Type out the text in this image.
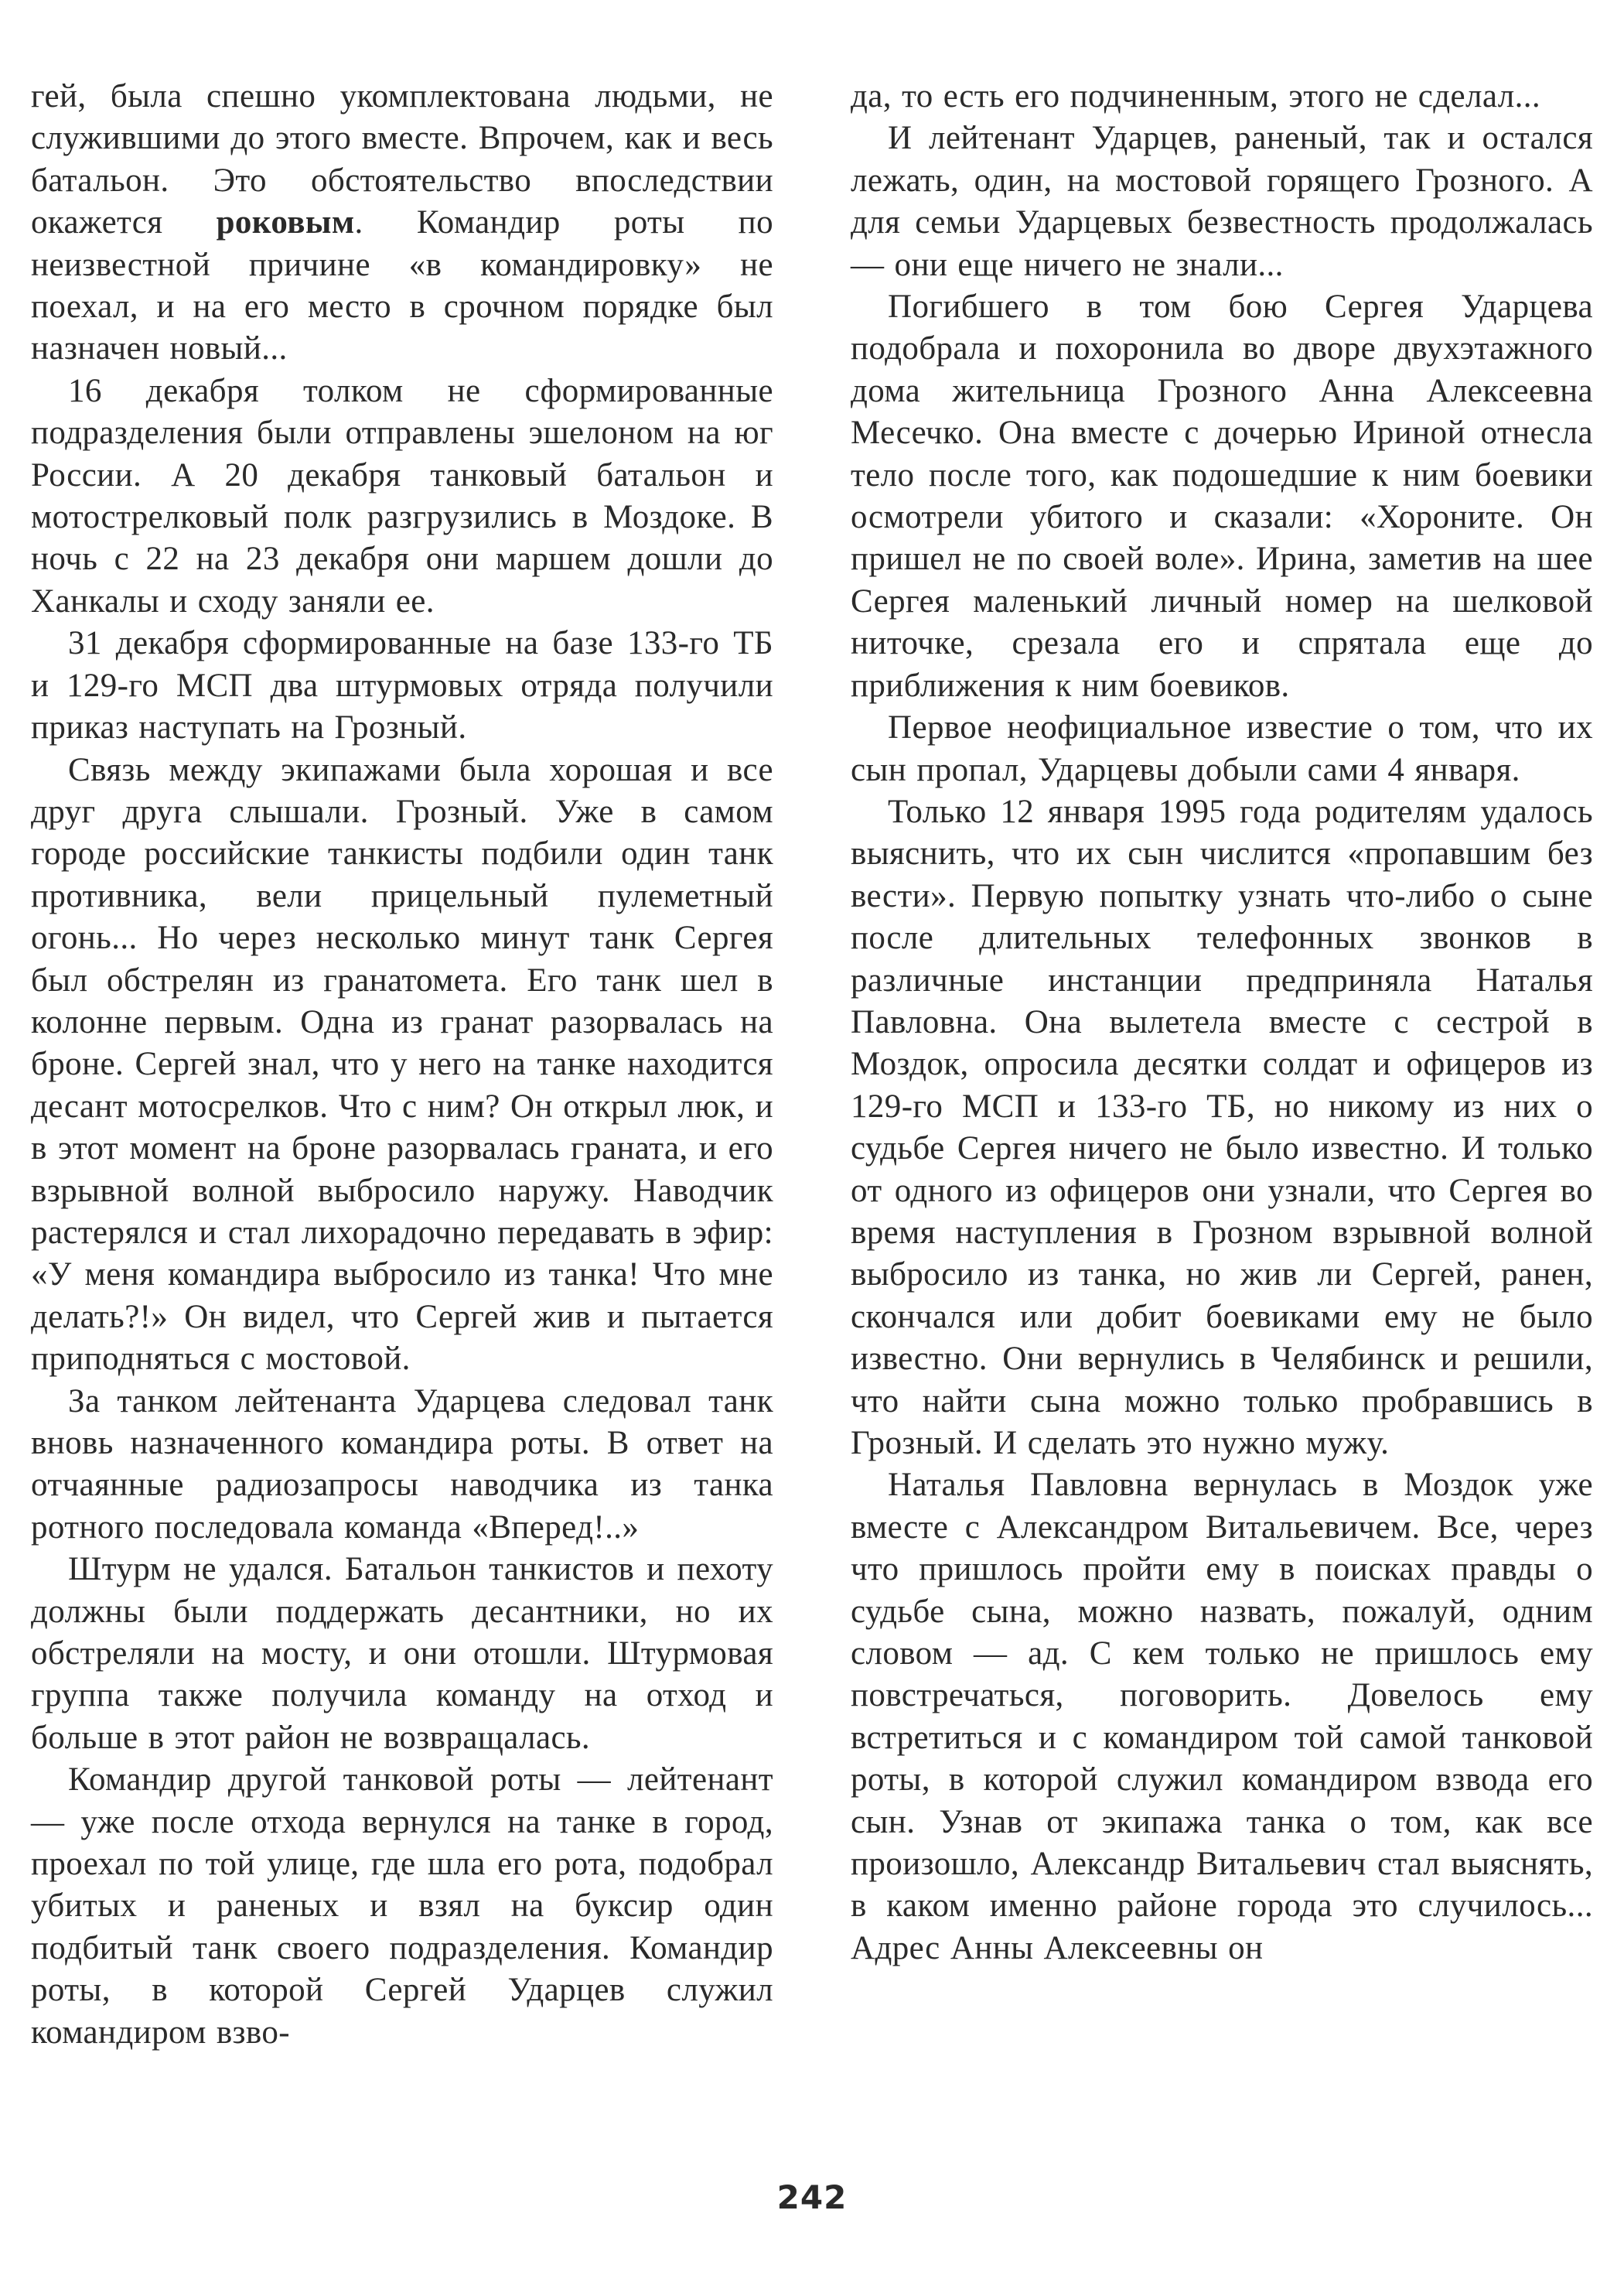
гей, была спешно укомплектована людьми, не служившими до этого вместе. Впрочем, как и весь батальон. Это обстоятельство впоследствии окажется роковым. Командир роты по неизвестной причине «в командировку» не поехал, и на его место в срочном порядке был назначен новый...

16 декабря толком не сформированные подразделения были отправлены эшелоном на юг России. А 20 декабря танковый батальон и мотострелковый полк разгрузились в Моздоке. В ночь с 22 на 23 декабря они маршем дошли до Ханкалы и сходу заняли ее.

31 декабря сформированные на базе 133-го ТБ и 129-го МСП два штурмовых отряда получили приказ наступать на Грозный.

Связь между экипажами была хорошая и все друг друга слышали. Грозный. Уже в самом городе российские танкисты подбили один танк противника, вели прицельный пулеметный огонь... Но через несколько минут танк Сергея был обстрелян из гранатомета. Его танк шел в колонне первым. Одна из гранат разорвалась на броне. Сергей знал, что у него на танке находится десант мотосрелков. Что с ним? Он открыл люк, и в этот момент на броне разорвалась граната, и его взрывной волной выбросило наружу. Наводчик растерялся и стал лихорадочно передавать в эфир: «У меня командира выбросило из танка! Что мне делать?!» Он видел, что Сергей жив и пытается приподняться с мостовой.

За танком лейтенанта Ударцева следовал танк вновь назначенного командира роты. В ответ на отчаянные радиозапросы наводчика из танка ротного последовала команда «Вперед!..»

Штурм не удался. Батальон танкистов и пехоту должны были поддержать десантники, но их обстреляли на мосту, и они отошли. Штурмовая группа также получила команду на отход и больше в этот район не возвращалась.

Командир другой танковой роты — лейтенант — уже после отхода вернулся на танке в город, проехал по той улице, где шла его рота, подобрал убитых и раненых и взял на буксир один подбитый танк своего подразделения. Командир роты, в которой Сергей Ударцев служил командиром взво-

да, то есть его подчиненным, этого не сделал...

И лейтенант Ударцев, раненый, так и остался лежать, один, на мостовой горящего Грозного. А для семьи Ударцевых безвестность продолжалась — они еще ничего не знали...

Погибшего в том бою Сергея Ударцева подобрала и похоронила во дворе двухэтажного дома жительница Грозного Анна Алексеевна Месечко. Она вместе с дочерью Ириной отнесла тело после того, как подошедшие к ним боевики осмотрели убитого и сказали: «Хороните. Он пришел не по своей воле». Ирина, заметив на шее Сергея маленький личный номер на шелковой ниточке, срезала его и спрятала еще до приближения к ним боевиков.

Первое неофициальное известие о том, что их сын пропал, Ударцевы добыли сами 4 января.

Только 12 января 1995 года родителям удалось выяснить, что их сын числится «пропавшим без вести». Первую попытку узнать что-либо о сыне после длительных телефонных звонков в различные инстанции предприняла Наталья Павловна. Она вылетела вместе с сестрой в Моздок, опросила десятки солдат и офицеров из 129-го МСП и 133-го ТБ, но никому из них о судьбе Сергея ничего не было известно. И только от одного из офицеров они узнали, что Сергея во время наступления в Грозном взрывной волной выбросило из танка, но жив ли Сергей, ранен, скончался или добит боевиками ему не было известно. Они вернулись в Челябинск и решили, что найти сына можно только пробравшись в Грозный. И сделать это нужно мужу.

Наталья Павловна вернулась в Моздок уже вместе с Александром Витальевичем. Все, через что пришлось пройти ему в поисках правды о судьбе сына, можно назвать, пожалуй, одним словом — ад. С кем только не пришлось ему повстречаться, поговорить. Довелось ему встретиться и с командиром той самой танковой роты, в которой служил командиром взвода его сын. Узнав от экипажа танка о том, как все произошло, Александр Витальевич стал выяснять, в каком именно районе города это случилось... Адрес Анны Алексеевны он

242
